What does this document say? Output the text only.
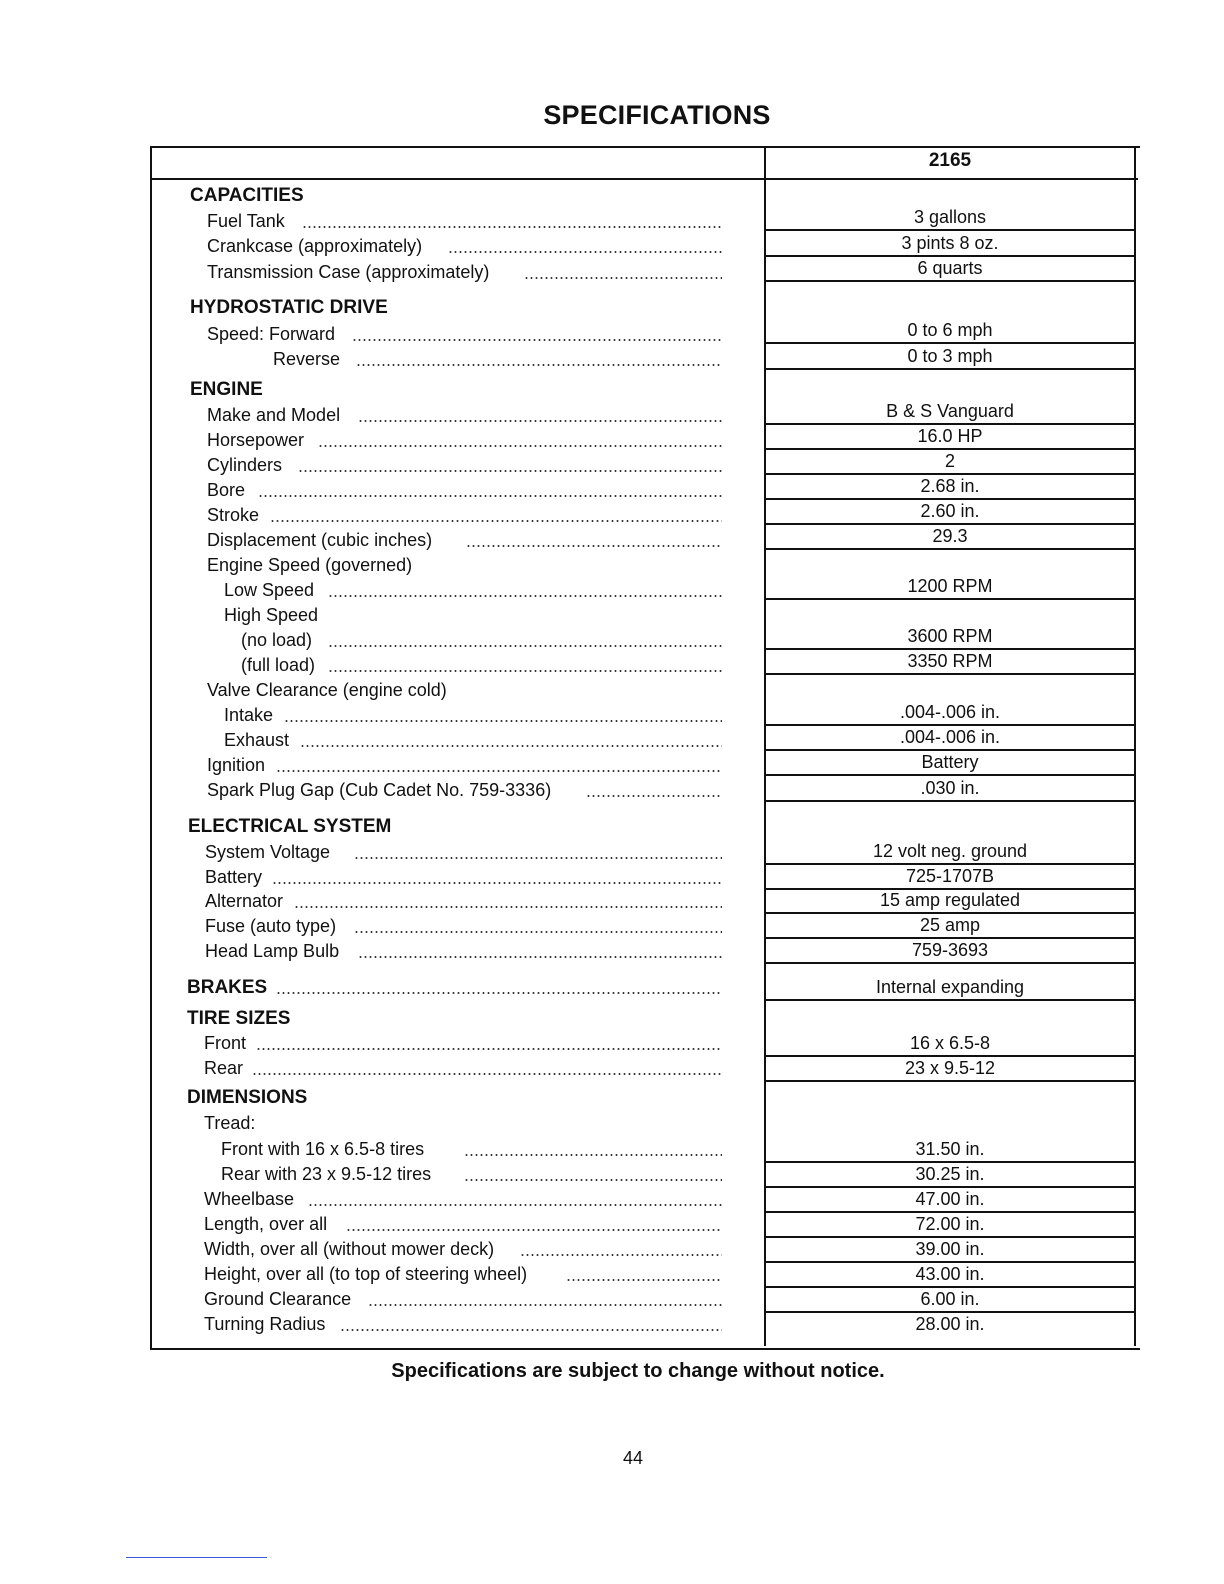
SPECIFICATIONS
2165
CAPACITIES
Fuel Tank	3 gallons
Crankcase (approximately)	3 pints 8 oz.
Transmission Case (approximately)	6 quarts
HYDROSTATIC DRIVE
Speed: Forward	0 to 6 mph
Reverse	0 to 3 mph
ENGINE
Make and Model	B & S Vanguard
Horsepower	16.0 HP
Cylinders	2
Bore	2.68 in.
Stroke	2.60 in.
Displacement (cubic inches)	29.3
Engine Speed (governed)
Low Speed	1200 RPM
High Speed
(no load)	3600 RPM
(full load)	3350 RPM
Valve Clearance (engine cold)
Intake	.004-.006 in.
Exhaust	.004-.006 in.
Ignition	Battery
Spark Plug Gap (Cub Cadet No. 759-3336)	.030 in.
ELECTRICAL SYSTEM
System Voltage	12 volt neg. ground
Battery	725-1707B
Alternator	15 amp regulated
Fuse (auto type)	25 amp
Head Lamp Bulb	759-3693
BRAKES	Internal expanding
TIRE SIZES
Front	16 x 6.5-8
Rear	23 x 9.5-12
DIMENSIONS
Tread:
Front with 16 x 6.5-8 tires	31.50 in.
Rear with 23 x 9.5-12 tires	30.25 in.
Wheelbase	47.00 in.
Length, over all	72.00 in.
Width, over all (without mower deck)	39.00 in.
Height, over all (to top of steering wheel)	43.00 in.
Ground Clearance	6.00 in.
Turning Radius	28.00 in.
Specifications are subject to change without notice.
44
